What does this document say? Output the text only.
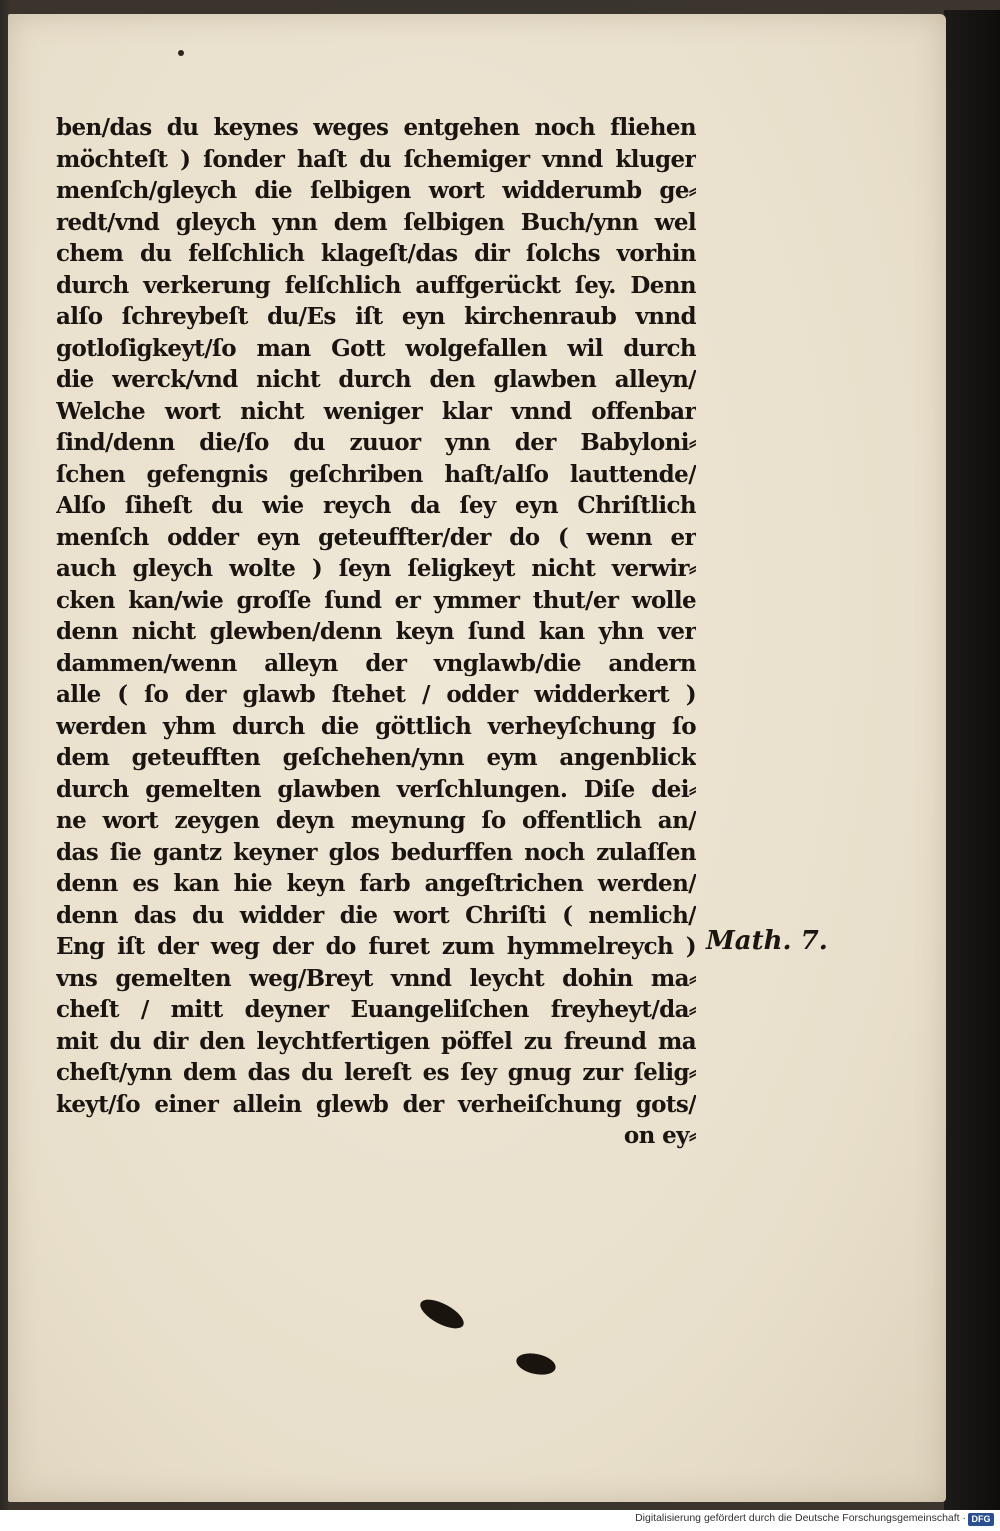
ben/das du keynes weges entgehen noch fliehen
möchteſt ) ſonder haſt du ſchemiger vnnd kluger
menſch/gleych die ſelbigen wort widderumb ge⸗
redt/vnd gleych ynn dem ſelbigen Buch/ynn wel
chem du felſchlich klageſt/das dir ſolchs vorhin
durch verkerung felſchlich auffgerückt ſey. Denn
alſo ſchreybeſt du/Es iſt eyn kirchenraub vnnd
gotloſigkeyt/ſo man Gott wolgefallen wil durch
die werck/vnd nicht durch den glawben alleyn/
Welche wort nicht weniger klar vnnd offenbar
ſind/denn die/ſo du zuuor ynn der Babyloni⸗
ſchen gefengnis geſchriben haſt/alſo lauttende/
Alſo ſiheſt du wie reych da ſey eyn Chriſtlich
menſch odder eyn geteuffter/der do ( wenn er
auch gleych wolte ) ſeyn ſeligkeyt nicht verwir⸗
cken kan/wie groſſe ſund er ymmer thut/er wolle
denn nicht glewben/denn keyn ſund kan yhn ver
dammen/wenn alleyn der vnglawb/die andern
alle ( ſo der glawb ſtehet / odder widderkert )
werden yhm durch die göttlich verheyſchung ſo
dem geteufften geſchehen/ynn eym angenblick
durch gemelten glawben verſchlungen. Diſe dei⸗
ne wort zeygen deyn meynung ſo offentlich an/
das ſie gantz keyner glos bedurffen noch zulaſſen
denn es kan hie keyn farb angeſtrichen werden/
denn das du widder die wort Chriſti ( nemlich/
Eng iſt der weg der do furet zum hymmelreych )
vns gemelten weg/Breyt vnnd leycht dohin ma⸗
cheſt / mitt deyner Euangeliſchen freyheyt/da⸗
mit du dir den leychtfertigen pöffel zu freund ma
cheſt/ynn dem das du lereſt es ſey gnug zur ſelig⸗
keyt/ſo einer allein glewb der verheiſchung gots/
on ey⸗
Math. 7.
Digitalisierung gefördert durch die Deutsche Forschungsgemeinschaft · DFG
